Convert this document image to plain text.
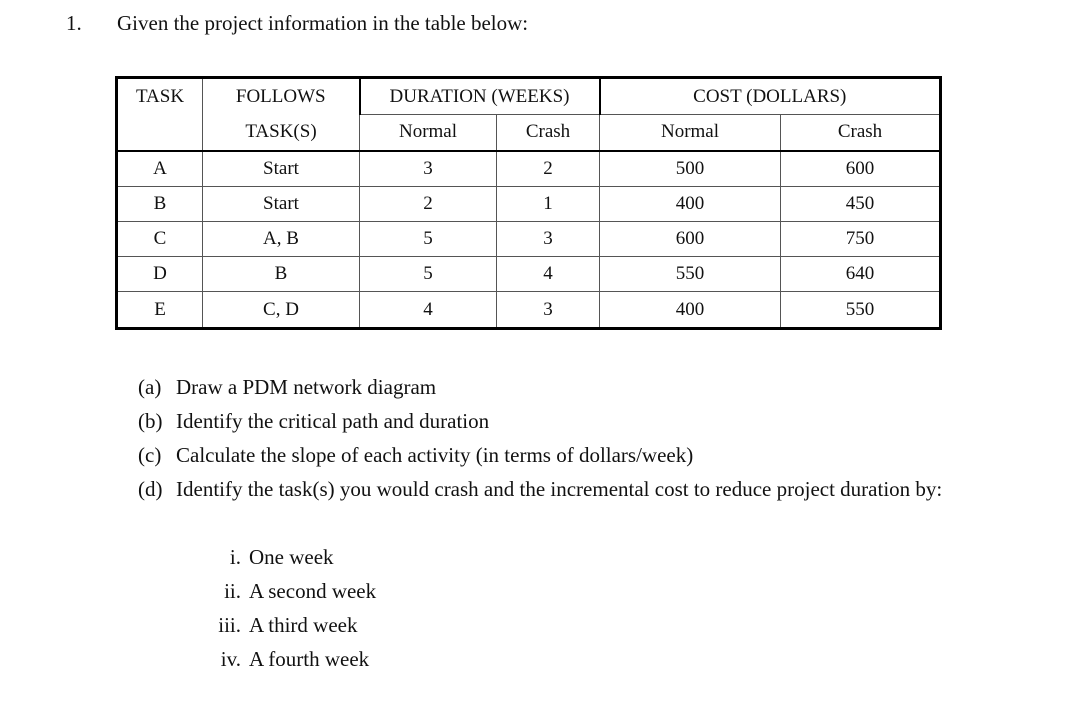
1. Given the project information in the table below:
TASK	FOLLOWS	DURATION (WEEKS)		COST (DOLLARS)	
	TASK(S)	Normal	Crash	Normal	Crash
A	Start	3	2	500	600
B	Start	2	1	400	450
C	A, B	5	3	600	750
D	B	5	4	550	640
E	C, D	4	3	400	550
(a) Draw a PDM network diagram
(b) Identify the critical path and duration
(c) Calculate the slope of each activity (in terms of dollars/week)
(d) Identify the task(s) you would crash and the incremental cost to reduce project duration by:
i. One week
ii. A second week
iii. A third week
iv. A fourth week
